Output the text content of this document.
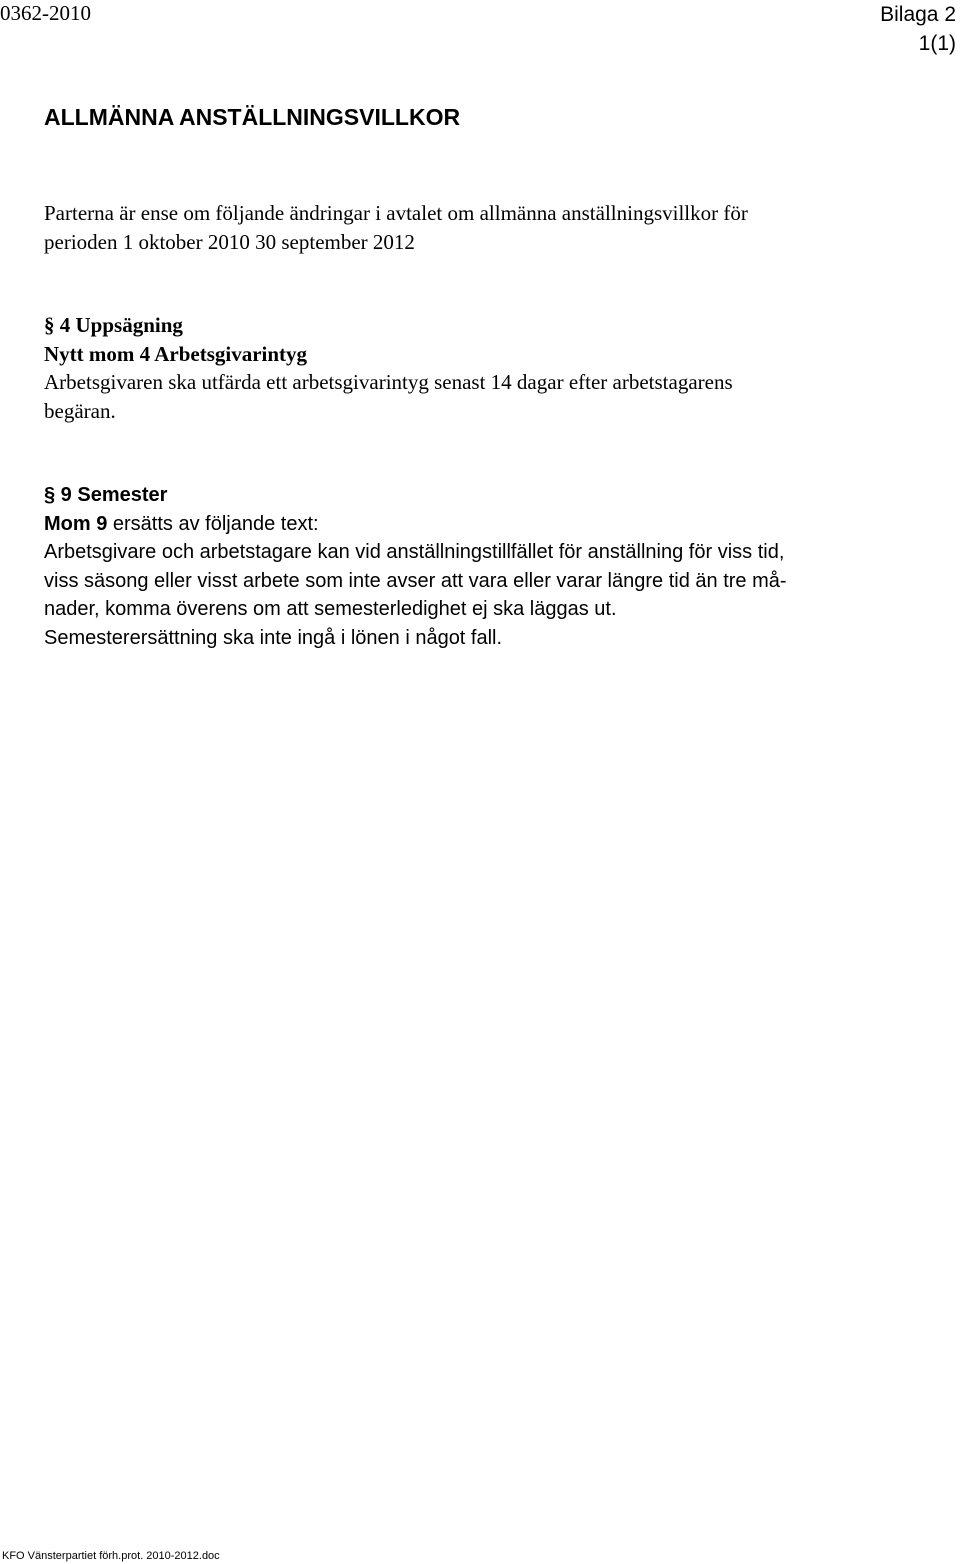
0362-2010	Bilaga 2
1(1)
ALLMÄNNA ANSTÄLLNINGSVILLKOR

Parterna är ense om följande ändringar i avtalet om allmänna anställningsvillkor för

perioden 1 oktober 2010 30 september 2012

§ 4 Uppsägning

Nytt mom 4 Arbetsgivarintyg

Arbetsgivaren ska utfärda ett arbetsgivarintyg senast 14 dagar efter arbetstagarens

begäran.

§ 9 Semester

Mom 9 ersätts av följande text:

Arbetsgivare och arbetstagare kan vid anställningstillfället för anställning för viss tid,

viss säsong eller visst arbete som inte avser att vara eller varar längre tid än tre må-

nader, komma överens om att semesterledighet ej ska läggas ut.

Semesterersättning ska inte ingå i lönen i något fall.

KFO Vänsterpartiet förh.prot. 2010-2012.doc
